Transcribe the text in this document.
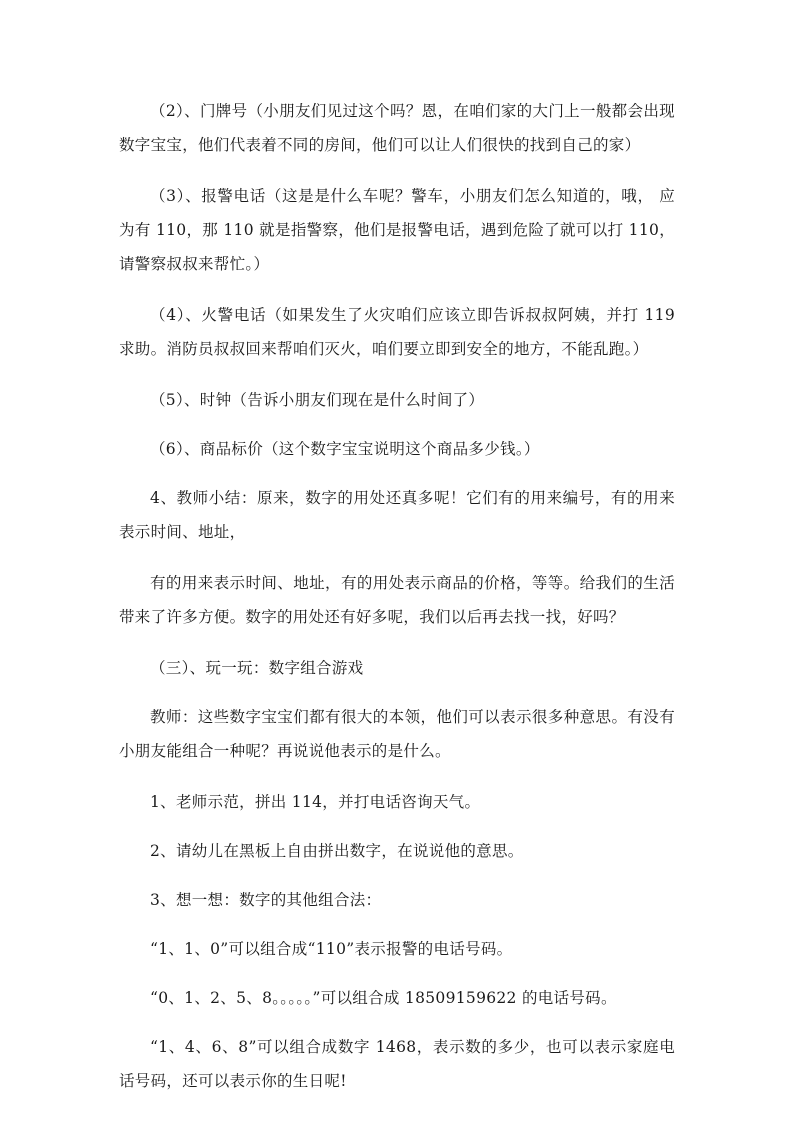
（2）、门牌号（小朋友们见过这个吗？恩，在咱们家的大门上一般都会出现数字宝宝，他们代表着不同的房间，他们可以让人们很快的找到自己的家）

（3）、报警电话（这是是什么车呢？警车，小朋友们怎么知道的，哦， 应为有 110，那 110 就是指警察，他们是报警电话，遇到危险了就可以打 110，请警察叔叔来帮忙。）

（4）、火警电话（如果发生了火灾咱们应该立即告诉叔叔阿姨，并打 119 求助。消防员叔叔回来帮咱们灭火，咱们要立即到安全的地方，不能乱跑。）

（5）、时钟（告诉小朋友们现在是什么时间了）

（6）、商品标价（这个数字宝宝说明这个商品多少钱。）

4、教师小结：原来，数字的用处还真多呢！它们有的用来编号，有的用来表示时间、地址，

有的用来表示时间、地址，有的用处表示商品的价格，等等。给我们的生活带来了许多方便。数字的用处还有好多呢，我们以后再去找一找，好吗？

（三）、玩一玩：数字组合游戏

教师：这些数字宝宝们都有很大的本领，他们可以表示很多种意思。有没有小朋友能组合一种呢？再说说他表示的是什么。

1、老师示范，拼出 114，并打电话咨询天气。

2、请幼儿在黑板上自由拼出数字，在说说他的意思。

3、想一想：数字的其他组合法：

“1、1、0”可以组合成“110”表示报警的电话号码。

“0、1、2、5、8。。。。。”可以组合成 18509159622 的电话号码。

“1、4、6、8”可以组合成数字 1468，表示数的多少，也可以表示家庭电话号码，还可以表示你的生日呢!
